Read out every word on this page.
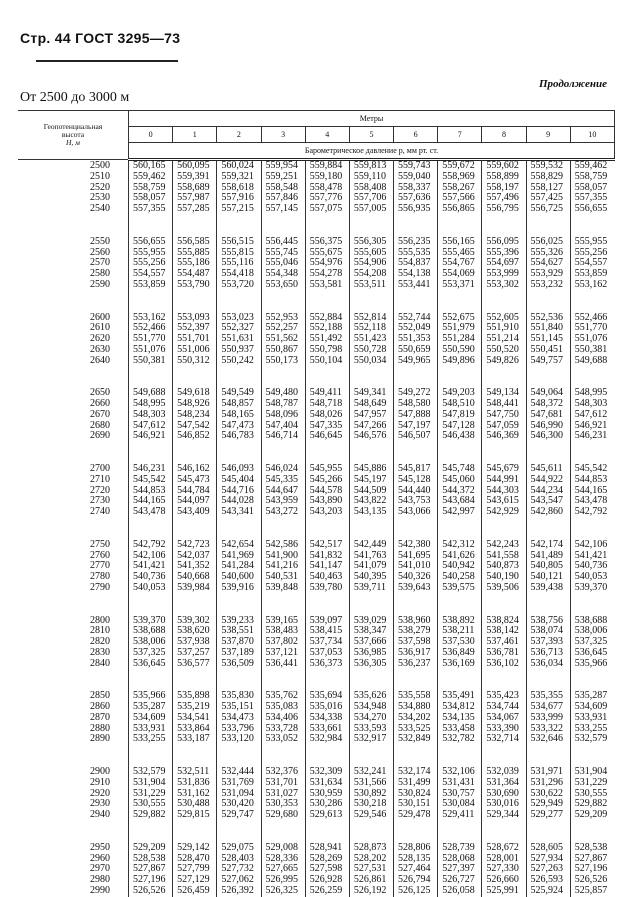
Стр. 44 ГОСТ 3295—73
Продолжение
От 2500 до 3000 м
Геопотенциальная
высота
H, м	Метры										
	0	1	2	3	4	5	6	7	8	9	10
	Барометрическое давление p, мм рт. ст.										
2500	560,165	560,095	560,024	559,954	559,884	559,813	559,743	559,672	559,602	559,532	559,462
2510	559,462	559,391	559,321	559,251	559,180	559,110	559,040	558,969	558,899	558,829	558,759
2520	558,759	558,689	558,618	558,548	558,478	558,408	558,337	558,267	558,197	558,127	558,057
2530	558,057	557,987	557,916	557,846	557,776	557,706	557,636	557,566	557,496	557,425	557,355
2540	557,355	557,285	557,215	557,145	557,075	557,005	556,935	556,865	556,795	556,725	556,655

2550	556,655	556,585	556,515	556,445	556,375	556,305	556,235	556,165	556,095	556,025	555,955
2560	555,955	555,885	555,815	555,745	555,675	555,605	555,535	555,465	555,396	555,326	555,256
2570	555,256	555,186	555,116	555,046	554,976	554,906	554,837	554,767	554,697	554,627	554,557
2580	554,557	554,487	554,418	554,348	554,278	554,208	554,138	554,069	553,999	553,929	553,859
2590	553,859	553,790	553,720	553,650	553,581	553,511	553,441	553,371	553,302	553,232	553,162

2600	553,162	553,093	553,023	552,953	552,884	552,814	552,744	552,675	552,605	552,536	552,466
2610	552,466	552,397	552,327	552,257	552,188	552,118	552,049	551,979	551,910	551,840	551,770
2620	551,770	551,701	551,631	551,562	551,492	551,423	551,353	551,284	551,214	551,145	551,076
2630	551,076	551,006	550,937	550,867	550,798	550,728	550,659	550,590	550,520	550,451	550,381
2640	550,381	550,312	550,242	550,173	550,104	550,034	549,965	549,896	549,826	549,757	549,688

2650	549,688	549,618	549,549	549,480	549,411	549,341	549,272	549,203	549,134	549,064	548,995
2660	548,995	548,926	548,857	548,787	548,718	548,649	548,580	548,510	548,441	548,372	548,303
2670	548,303	548,234	548,165	548,096	548,026	547,957	547,888	547,819	547,750	547,681	547,612
2680	547,612	547,542	547,473	547,404	547,335	547,266	547,197	547,128	547,059	546,990	546,921
2690	546,921	546,852	546,783	546,714	546,645	546,576	546,507	546,438	546,369	546,300	546,231

2700	546,231	546,162	546,093	546,024	545,955	545,886	545,817	545,748	545,679	545,611	545,542
2710	545,542	545,473	545,404	545,335	545,266	545,197	545,128	545,060	544,991	544,922	544,853
2720	544,853	544,784	544,716	544,647	544,578	544,509	544,440	544,372	544,303	544,234	544,165
2730	544,165	544,097	544,028	543,959	543,890	543,822	543,753	543,684	543,615	543,547	543,478
2740	543,478	543,409	543,341	543,272	543,203	543,135	543,066	542,997	542,929	542,860	542,792

2750	542,792	542,723	542,654	542,586	542,517	542,449	542,380	542,312	542,243	542,174	542,106
2760	542,106	542,037	541,969	541,900	541,832	541,763	541,695	541,626	541,558	541,489	541,421
2770	541,421	541,352	541,284	541,216	541,147	541,079	541,010	540,942	540,873	540,805	540,736
2780	540,736	540,668	540,600	540,531	540,463	540,395	540,326	540,258	540,190	540,121	540,053
2790	540,053	539,984	539,916	539,848	539,780	539,711	539,643	539,575	539,506	539,438	539,370

2800	539,370	539,302	539,233	539,165	539,097	539,029	538,960	538,892	538,824	538,756	538,688
2810	538,688	538,620	538,551	538,483	538,415	538,347	538,279	538,211	538,142	538,074	538,006
2820	538,006	537,938	537,870	537,802	537,734	537,666	537,598	537,530	537,461	537,393	537,325
2830	537,325	537,257	537,189	537,121	537,053	536,985	536,917	536,849	536,781	536,713	536,645
2840	536,645	536,577	536,509	536,441	536,373	536,305	536,237	536,169	536,102	536,034	535,966

2850	535,966	535,898	535,830	535,762	535,694	535,626	535,558	535,491	535,423	535,355	535,287
2860	535,287	535,219	535,151	535,083	535,016	534,948	534,880	534,812	534,744	534,677	534,609
2870	534,609	534,541	534,473	534,406	534,338	534,270	534,202	534,135	534,067	533,999	533,931
2880	533,931	533,864	533,796	533,728	533,661	533,593	533,525	533,458	533,390	533,322	533,255
2890	533,255	533,187	533,120	533,052	532,984	532,917	532,849	532,782	532,714	532,646	532,579

2900	532,579	532,511	532,444	532,376	532,309	532,241	532,174	532,106	532,039	531,971	531,904
2910	531,904	531,836	531,769	531,701	531,634	531,566	531,499	531,431	531,364	531,296	531,229
2920	531,229	531,162	531,094	531,027	530,959	530,892	530,824	530,757	530,690	530,622	530,555
2930	530,555	530,488	530,420	530,353	530,286	530,218	530,151	530,084	530,016	529,949	529,882
2940	529,882	529,815	529,747	529,680	529,613	529,546	529,478	529,411	529,344	529,277	529,209

2950	529,209	529,142	529,075	529,008	528,941	528,873	528,806	528,739	528,672	528,605	528,538
2960	528,538	528,470	528,403	528,336	528,269	528,202	528,135	528,068	528,001	527,934	527,867
2970	527,867	527,799	527,732	527,665	527,598	527,531	527,464	527,397	527,330	527,263	527,196
2980	527,196	527,129	527,062	526,995	526,928	526,861	526,794	526,727	526,660	526,593	526,526
2990	526,526	526,459	526,392	526,325	526,259	526,192	526,125	526,058	525,991	525,924	525,857
